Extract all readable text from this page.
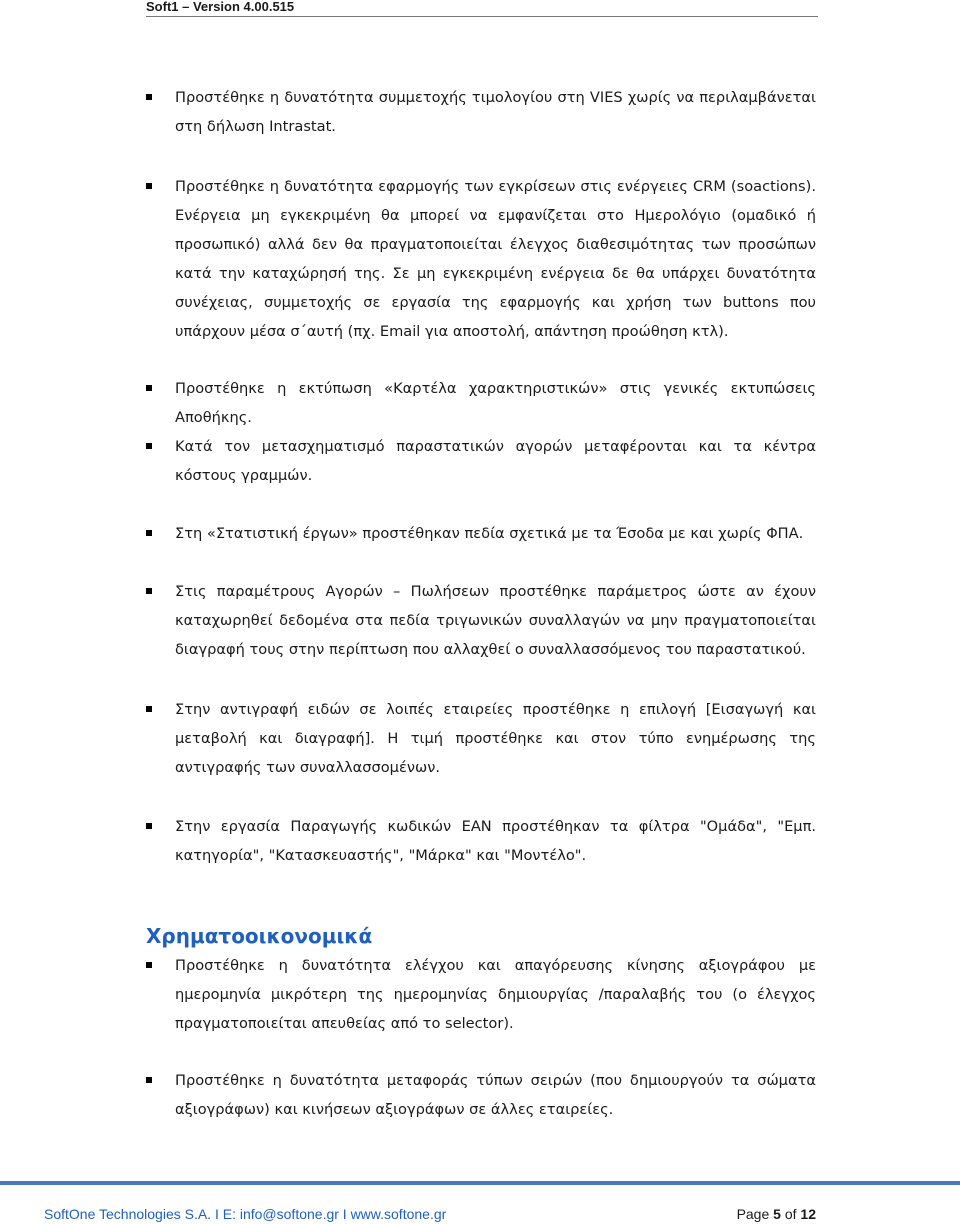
Soft1 – Version 4.00.515

Προστέθηκε η δυνατότητα συμμετοχής τιμολογίου στη VIES χωρίς να περιλαμβάνεται στη δήλωση Intrastat.

Προστέθηκε η δυνατότητα εφαρμογής των εγκρίσεων στις ενέργειες CRM (soactions). Ενέργεια μη εγκεκριμένη θα μπορεί να εμφανίζεται στο Ημερολόγιο (ομαδικό ή προσωπικό) αλλά δεν θα πραγματοποιείται έλεγχος διαθεσιμότητας των προσώπων κατά την καταχώρησή της. Σε μη εγκεκριμένη ενέργεια δε θα υπάρχει δυνατότητα συνέχειας, συμμετοχής σε εργασία της εφαρμογής και χρήση των buttons που υπάρχουν μέσα σ΄αυτή (πχ. Email για αποστολή, απάντηση προώθηση κτλ).

Προστέθηκε η εκτύπωση «Καρτέλα χαρακτηριστικών» στις γενικές εκτυπώσεις Αποθήκης.

Κατά τον μετασχηματισμό παραστατικών αγορών μεταφέρονται και τα κέντρα κόστους γραμμών.

Στη «Στατιστική έργων» προστέθηκαν πεδία σχετικά με τα Έσοδα με και χωρίς ΦΠΑ.

Στις παραμέτρους Αγορών – Πωλήσεων προστέθηκε παράμετρος ώστε αν έχουν καταχωρηθεί δεδομένα στα πεδία τριγωνικών συναλλαγών να μην πραγματοποιείται διαγραφή τους στην περίπτωση που αλλαχθεί ο συναλλασσόμενος του παραστατικού.

Στην αντιγραφή ειδών σε λοιπές εταιρείες προστέθηκε η επιλογή [Εισαγωγή και μεταβολή και διαγραφή]. Η τιμή προστέθηκε και στον τύπο ενημέρωσης της αντιγραφής των συναλλασσομένων.

Στην εργασία Παραγωγής κωδικών EAN προστέθηκαν τα φίλτρα "Ομάδα", "Εμπ. κατηγορία", "Κατασκευαστής", "Μάρκα" και "Μοντέλο".

Χρηματοοικονομικά

Προστέθηκε η δυνατότητα ελέγχου και απαγόρευσης κίνησης αξιογράφου με ημερομηνία μικρότερη της ημερομηνίας δημιουργίας /παραλαβής του (ο έλεγχος πραγματοποιείται απευθείας από το selector).

Προστέθηκε η δυνατότητα μεταφοράς τύπων σειρών (που δημιουργούν τα σώματα αξιογράφων) και κινήσεων αξιογράφων σε άλλες εταιρείες.

SoftOne Technologies S.A. I E: info@softone.gr I www.softone.gr	Page 5 of 12
